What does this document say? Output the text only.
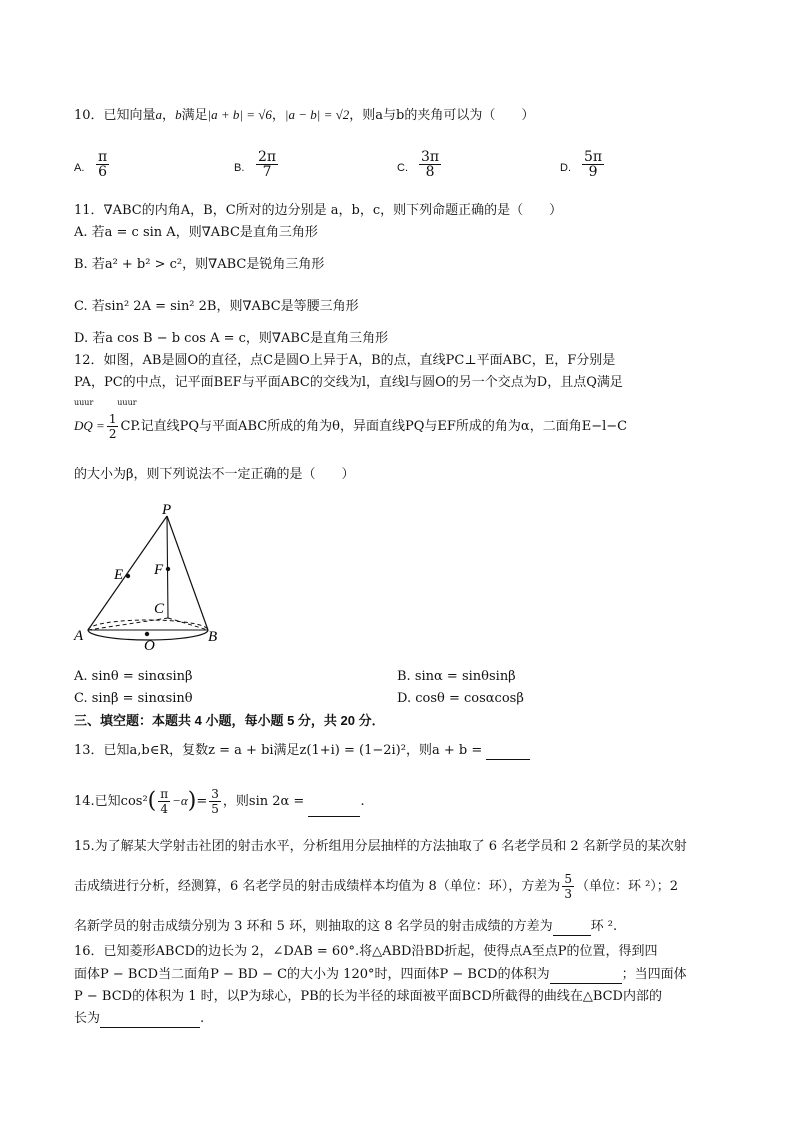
10．已知向量a，b满足|a + b| = √6，|a − b| = √2，则a与b的夹角可以为（　　）
A. $\frac{\pi}{6}$	B. $\frac{2\pi}{7}$	C. $\frac{3\pi}{8}$	D. $\frac{5\pi}{9}$
11．∇ABC的内角A，B，C所对的边分别是 a，b，c，则下列命题正确的是（　　）
A. 若a = c sin A，则∇ABC是直角三角形
B. 若a² + b² > c²，则∇ABC是锐角三角形
C. 若sin² 2A = sin² 2B，则∇ABC是等腰三角形
D. 若a cos B − b cos A = c，则∇ABC是直角三角形
12．如图，AB是圆O的直径，点C是圆O上异于A，B的点，直线PC⊥平面ABC，E，F分别是
PA，PC的中点，记平面BEF与平面ABC的交线为l，直线l与圆O的另一个交点为D，且点Q满足
uuur　　　uuur
DQ = $\frac{1}{2}$ CP.记直线PQ与平面ABC所成的角为θ，异面直线PQ与EF所成的角为α，二面角E−l−C
的大小为β，则下列说法不一定正确的是（　　）
P
E F
C
A	B
O
A. sinθ = sinαsinβ	B. sinα = sinθsinβ
C. sinβ = sinαsinθ	D. cosθ = cosαcosβ
三、填空题：本题共 4 小题，每小题 5 分，共 20 分．
13．已知a,b∈R，复数z = a + bi满足z(1+i) = (1−2i)²，则a + b =
14.已知$\cos^2( \frac{\pi}{4} -\alpha)= \frac{3}{5}$ ，则sin 2α =	.
15.为了解某大学射击社团的射击水平，分析组用分层抽样的方法抽取了 6 名老学员和 2 名新学员的某次射
击成绩进行分析，经测算，6 名老学员的射击成绩样本均值为 8（单位：环），方差为 $\frac{5}{3}$ （单位：环 ²）；2
名新学员的射击成绩分别为 3 环和 5 环，则抽取的这 8 名学员的射击成绩的方差为	环 ².
16．已知菱形ABCD的边长为 2，∠DAB = 60°.将△ABD沿BD折起，使得点A至点P的位置，得到四
面体P − BCD当二面角P − BD − C的大小为 120°时，四面体P − BCD的体积为	；当四面体
P − BCD的体积为 1 时，以P为球心，PB的长为半径的球面被平面BCD所截得的曲线在△BCD内部的
长为	.
